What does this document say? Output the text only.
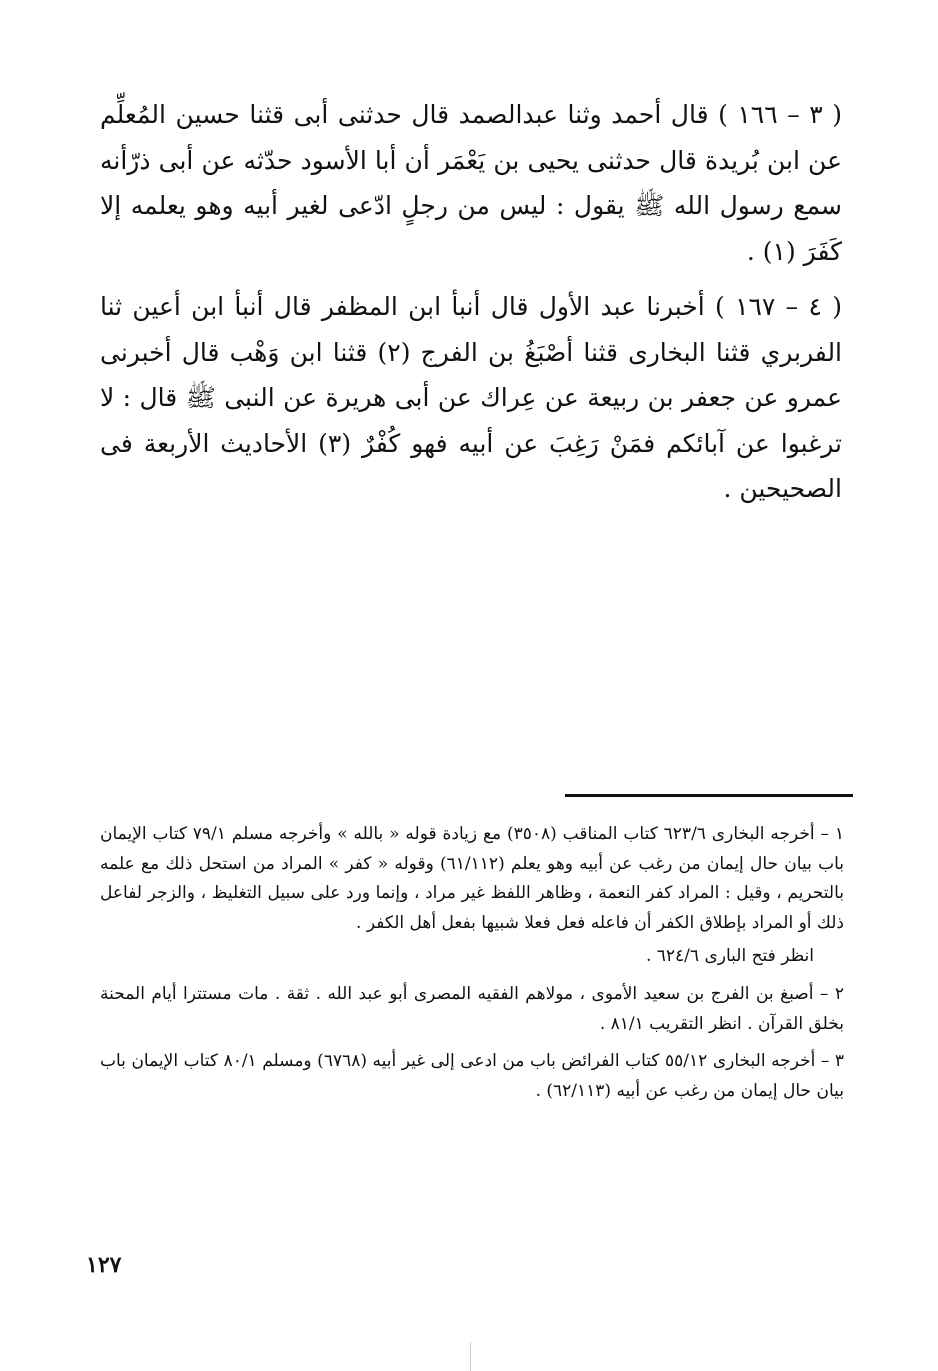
( ٣ – ١٦٦ ) قال أحمد وثنا عبدالصمد قال حدثنى أبى قثنا حسين المُعلِّم عن ابن بُريدة قال حدثنى يحيى بن يَعْمَر أن أبا الأسود حدّثه عن أبى ذرّأنه سمع رسول الله ﷺ يقول : ليس من رجلٍ ادّعى لغير أبيه وهو يعلمه إلا كَفَرَ (١) .

( ٤ – ١٦٧ ) أخبرنا عبد الأول قال أنبأ ابن المظفر قال أنبأ ابن أعين ثنا الفربري قثنا البخارى قثنا أصْبَغُ بن الفرج (٢) قثنا ابن وَهْب قال أخبرنى عمرو عن جعفر بن ربيعة عن عِراك عن أبى هريرة عن النبى ﷺ قال : لا ترغبوا عن آبائكم فمَنْ رَغِبَ عن أبيه فهو كُفْرٌ (٣) الأحاديث الأربعة فى الصحيحين .

١ – أخرجه البخارى ٦٢٣/٦ كتاب المناقب (٣٥٠٨) مع زيادة قوله « بالله » وأخرجه مسلم ٧٩/١ كتاب الإيمان باب بيان حال إيمان من رغب عن أبيه وهو يعلم (٦١/١١٢) وقوله « كفر » المراد من استحل ذلك مع علمه بالتحريم ، وقيل : المراد كفر النعمة ، وظاهر اللفظ غير مراد ، وإنما ورد على سبيل التغليظ ، والزجر لفاعل ذلك أو المراد بإطلاق الكفر أن فاعله فعل فعلا شبيها بفعل أهل الكفر .

انظر فتح البارى ٦٢٤/٦ .

٢ – أصبغ بن الفرج بن سعيد الأموى ، مولاهم الفقيه المصرى أبو عبد الله . ثقة . مات مستترا أيام المحنة بخلق القرآن . انظر التقريب ٨١/١ .

٣ – أخرجه البخارى ٥٥/١٢ كتاب الفرائض باب من ادعى إلى غير أبيه (٦٧٦٨) ومسلم ٨٠/١ كتاب الإيمان باب بيان حال إيمان من رغب عن أبيه (٦٢/١١٣) .

١٢٧
